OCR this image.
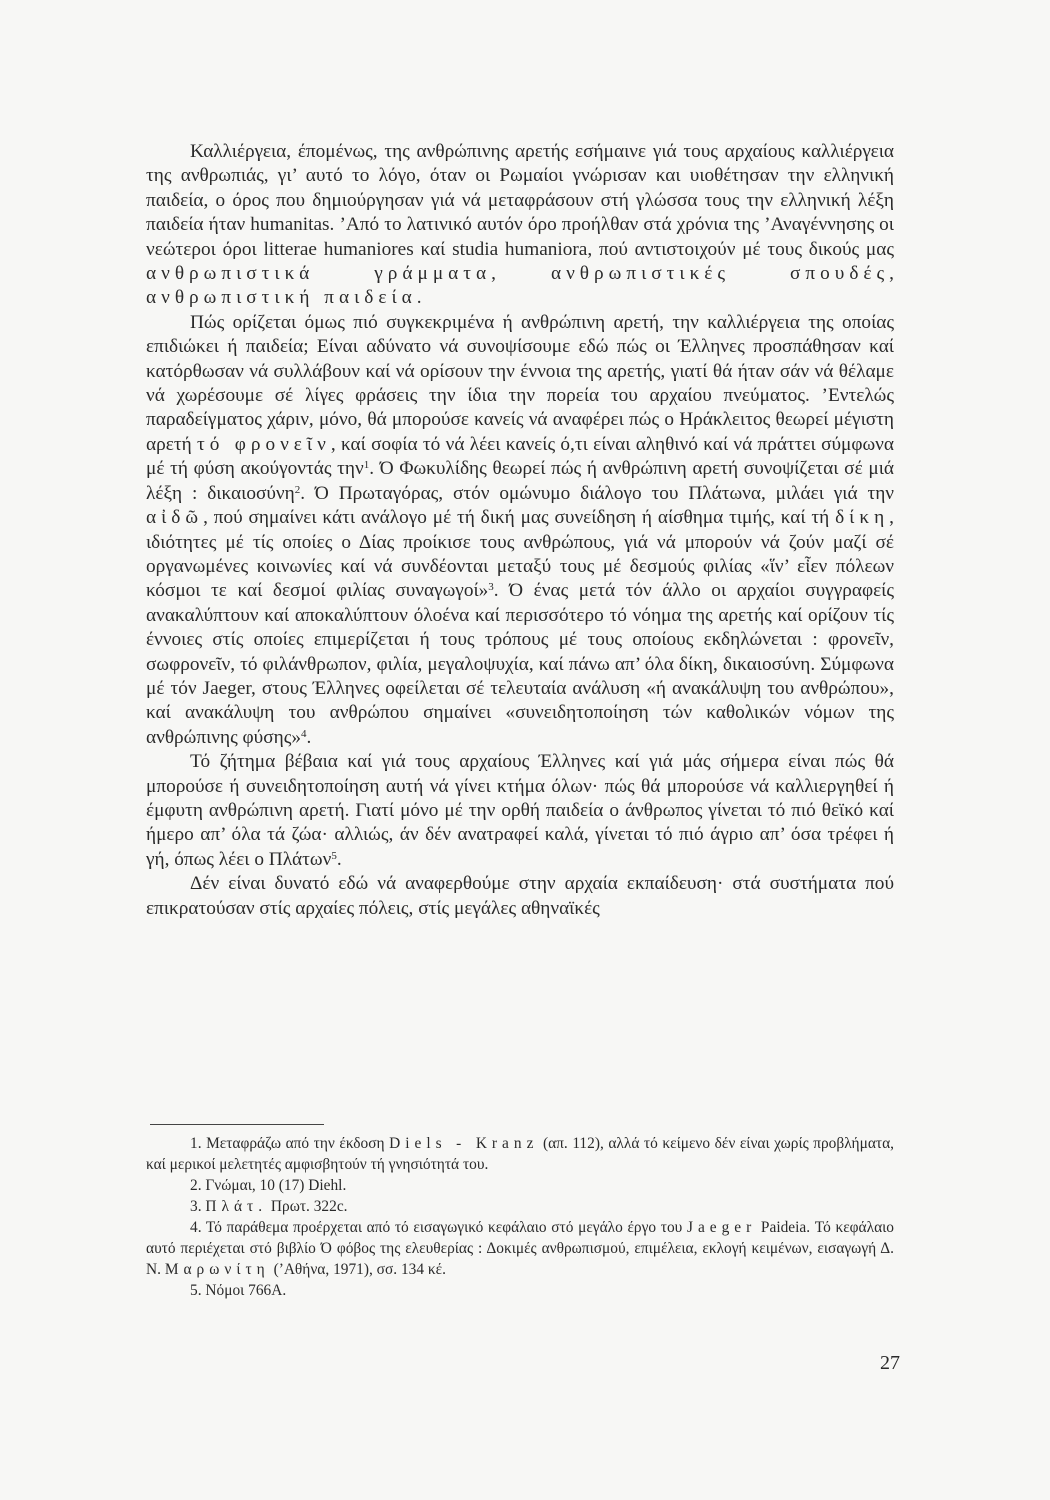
Καλλιέργεια, έπομένως, της ανθρώπινης αρετής εσήμαινε γιά τους αρχαίους καλλιέργεια της ανθρωπιάς, γι’ αυτό το λόγο, όταν οι Ρωμαίοι γνώρισαν και υιοθέτησαν την ελληνική παιδεία, ο όρος που δημιούργησαν γιά νά μεταφράσουν στή γλώσσα τους την ελληνική λέξη παιδεία ήταν humanitas. ’Από το λατινικό αυτόν όρο προήλθαν στά χρόνια της ’Αναγέννησης οι νεώτεροι όροι litterae humaniores καί studia humaniora, πού αντιστοιχούν μέ τους δικούς μας ανθρωπιστικά γράμματα, ανθρωπιστικές σπουδές, ανθρωπιστική παιδεία.

Πώς ορίζεται όμως πιό συγκεκριμένα ή ανθρώπινη αρετή, την καλλιέργεια της οποίας επιδιώκει ή παιδεία; Είναι αδύνατο νά συνοψίσουμε εδώ πώς οι Έλληνες προσπάθησαν καί κατόρθωσαν νά συλλάβουν καί νά ορίσουν την έννοια της αρετής, γιατί θά ήταν σάν νά θέλαμε νά χωρέσουμε σέ λίγες φράσεις την ίδια την πορεία του αρχαίου πνεύματος. ’Εντελώς παραδείγματος χάριν, μόνο, θά μπορούσε κανείς νά αναφέρει πώς ο Ηράκλειτος θεωρεί μέγιστη αρετή τό φρονεῖν, καί σοφία τό νά λέει κανείς ό,τι είναι αληθινό καί νά πράττει σύμφωνα μέ τή φύση ακούγοντάς την$^1$. Ό Φωκυλίδης θεωρεί πώς ή ανθρώπινη αρετή συνοψίζεται σέ μιά λέξη : δικαιοσύνη$^2$. Ό Πρωταγόρας, στόν ομώνυμο διάλογο του Πλάτωνα, μιλάει γιά την αἰδῶ, πού σημαίνει κάτι ανάλογο μέ τή δική μας συνείδηση ή αίσθημα τιμής, καί τή δίκη, ιδιότητες μέ τίς οποίες ο Δίας προίκισε τους ανθρώπους, γιά νά μπορούν νά ζούν μαζί σέ οργανωμένες κοινωνίες καί νά συνδέονται μεταξύ τους μέ δεσμούς φιλίας «ἵν’ εἶεν πόλεων κόσμοι τε καί δεσμοί φιλίας συναγωγοί»$^3$. Ό ένας μετά τόν άλλο οι αρχαίοι συγγραφείς ανακαλύπτουν καί αποκαλύπτουν όλοένα καί περισσότερο τό νόημα της αρετής καί ορίζουν τίς έννοιες στίς οποίες επιμερίζεται ή τους τρόπους μέ τους οποίους εκδηλώνεται : φρονεῖν, σωφρονεῖν, τό φιλάνθρωπον, φιλία, μεγαλοψυχία, καί πάνω απ’ όλα δίκη, δικαιοσύνη. Σύμφωνα μέ τόν Jaeger, στους Έλληνες οφείλεται σέ τελευταία ανάλυση «ή ανακάλυψη του ανθρώπου», καί ανακάλυψη του ανθρώπου σημαίνει «συνειδητοποίηση τών καθολικών νόμων της ανθρώπινης φύσης»$^4$.

Τό ζήτημα βέβαια καί γιά τους αρχαίους Έλληνες καί γιά μάς σήμερα είναι πώς θά μπορούσε ή συνειδητοποίηση αυτή νά γίνει κτήμα όλων· πώς θά μπορούσε νά καλλιεργηθεί ή έμφυτη ανθρώπινη αρετή. Γιατί μόνο μέ την ορθή παιδεία ο άνθρωπος γίνεται τό πιό θεϊκό καί ήμερο απ’ όλα τά ζώα· αλλιώς, άν δέν ανατραφεί καλά, γίνεται τό πιό άγριο απ’ όσα τρέφει ή γή, όπως λέει ο Πλάτων$^5$.

Δέν είναι δυνατό εδώ νά αναφερθούμε στην αρχαία εκπαίδευση· στά συστήματα πού επικρατούσαν στίς αρχαίες πόλεις, στίς μεγάλες αθηναϊκές

1. Μεταφράζω από την έκδοση Diels - Kranz (απ. 112), αλλά τό κείμενο δέν είναι χωρίς προβλήματα, καί μερικοί μελετητές αμφισβητούν τή γνησιότητά του.

2. Γνώμαι, 10 (17) Diehl.

3. Πλάτ. Πρωτ. 322c.

4. Τό παράθεμα προέρχεται από τό εισαγωγικό κεφάλαιο στό μεγάλο έργο του Jaeger Paideia. Τό κεφάλαιο αυτό περιέχεται στό βιβλίο Ό φόβος της ελευθερίας : Δοκιμές ανθρωπισμού, επιμέλεια, εκλογή κειμένων, εισαγωγή Δ. Ν. Μαρωνίτη (’Αθήνα, 1971), σσ. 134 κέ.

5. Νόμοι 766A.

27
